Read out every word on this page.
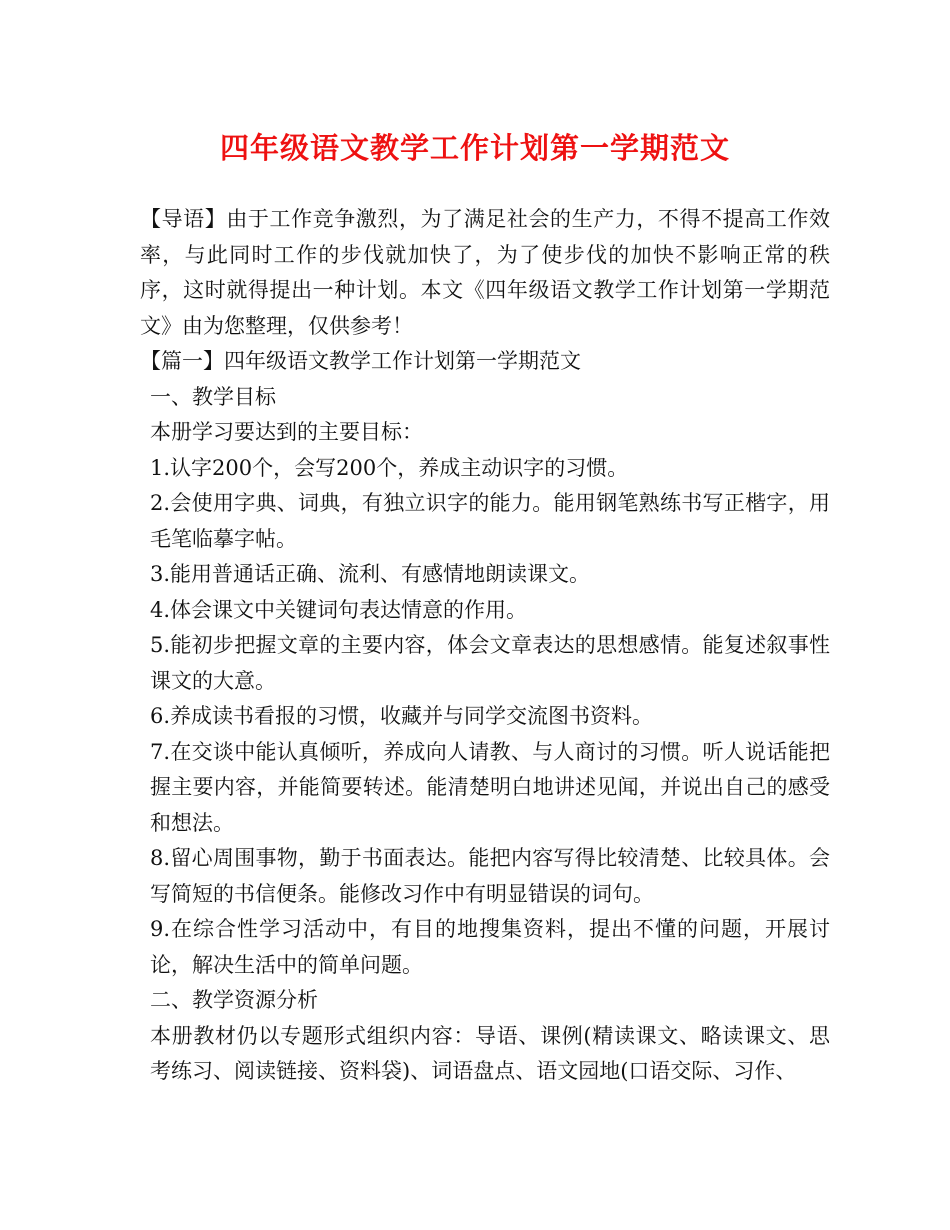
四年级语文教学工作计划第一学期范文

【导语】由于工作竞争激烈，为了满足社会的生产力，不得不提高工作效率，与此同时工作的步伐就加快了，为了使步伐的加快不影响正常的秩序，这时就得提出一种计划。本文《四年级语文教学工作计划第一学期范文》由为您整理，仅供参考！

【篇一】四年级语文教学工作计划第一学期范文

一、教学目标

本册学习要达到的主要目标：

1.认字200个，会写200个，养成主动识字的习惯。

2.会使用字典、词典，有独立识字的能力。能用钢笔熟练书写正楷字，用毛笔临摹字帖。

3.能用普通话正确、流利、有感情地朗读课文。

4.体会课文中关键词句表达情意的作用。

5.能初步把握文章的主要内容，体会文章表达的思想感情。能复述叙事性课文的大意。

6.养成读书看报的习惯，收藏并与同学交流图书资料。

7.在交谈中能认真倾听，养成向人请教、与人商讨的习惯。听人说话能把握主要内容，并能简要转述。能清楚明白地讲述见闻，并说出自己的感受和想法。

8.留心周围事物，勤于书面表达。能把内容写得比较清楚、比较具体。会写简短的书信便条。能修改习作中有明显错误的词句。

9.在综合性学习活动中，有目的地搜集资料，提出不懂的问题，开展讨论，解决生活中的简单问题。

二、教学资源分析

本册教材仍以专题形式组织内容：导语、课例(精读课文、略读课文、思考练习、阅读链接、资料袋)、词语盘点、语文园地(口语交际、习作、
